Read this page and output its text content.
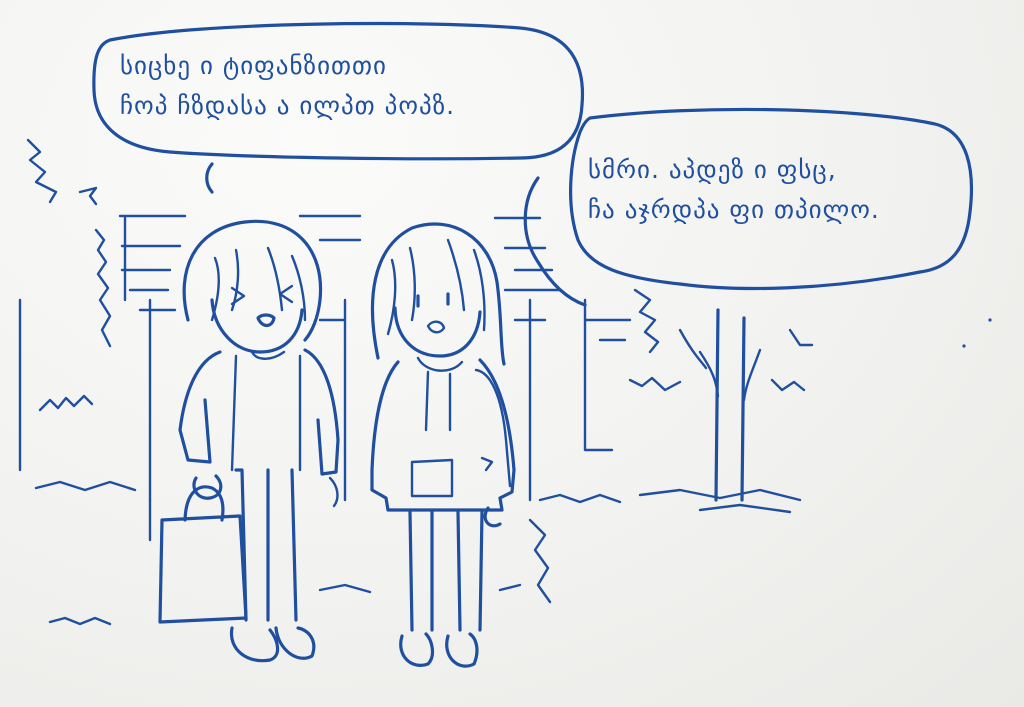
სიცხე ი ტიფანზითთი
ჩოპ ჩზდასა ა ილპთ პოპზ.
სმრი. აპდეზ ი ფსც,
ჩა აჯრდპა ფი თპილო.
